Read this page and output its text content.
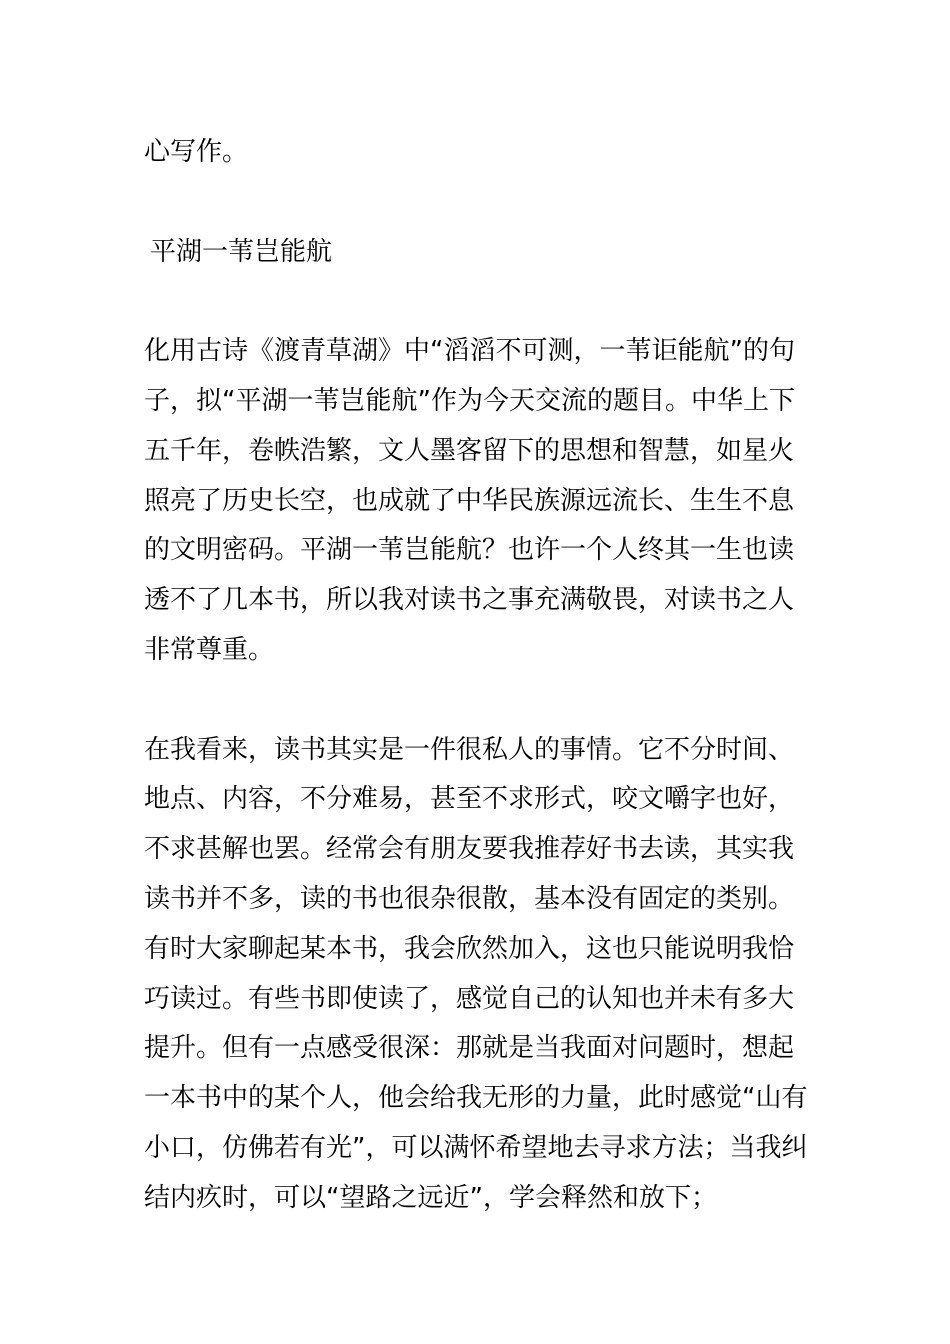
心写作。

平湖一苇岂能航

化用古诗《渡青草湖》中“滔滔不可测，一苇讵能航”的句子，拟“平湖一苇岂能航”作为今天交流的题目。中华上下五千年，卷帙浩繁，文人墨客留下的思想和智慧，如星火照亮了历史长空，也成就了中华民族源远流长、生生不息的文明密码。平湖一苇岂能航？也许一个人终其一生也读透不了几本书，所以我对读书之事充满敬畏，对读书之人非常尊重。

在我看来，读书其实是一件很私人的事情。它不分时间、地点、内容，不分难易，甚至不求形式，咬文嚼字也好，不求甚解也罢。经常会有朋友要我推荐好书去读，其实我读书并不多，读的书也很杂很散，基本没有固定的类别。有时大家聊起某本书，我会欣然加入，这也只能说明我恰巧读过。有些书即使读了，感觉自己的认知也并未有多大提升。但有一点感受很深：那就是当我面对问题时，想起一本书中的某个人，他会给我无形的力量，此时感觉“山有小口，仿佛若有光”，可以满怀希望地去寻求方法；当我纠结内疚时，可以“望路之远近”，学会释然和放下；
